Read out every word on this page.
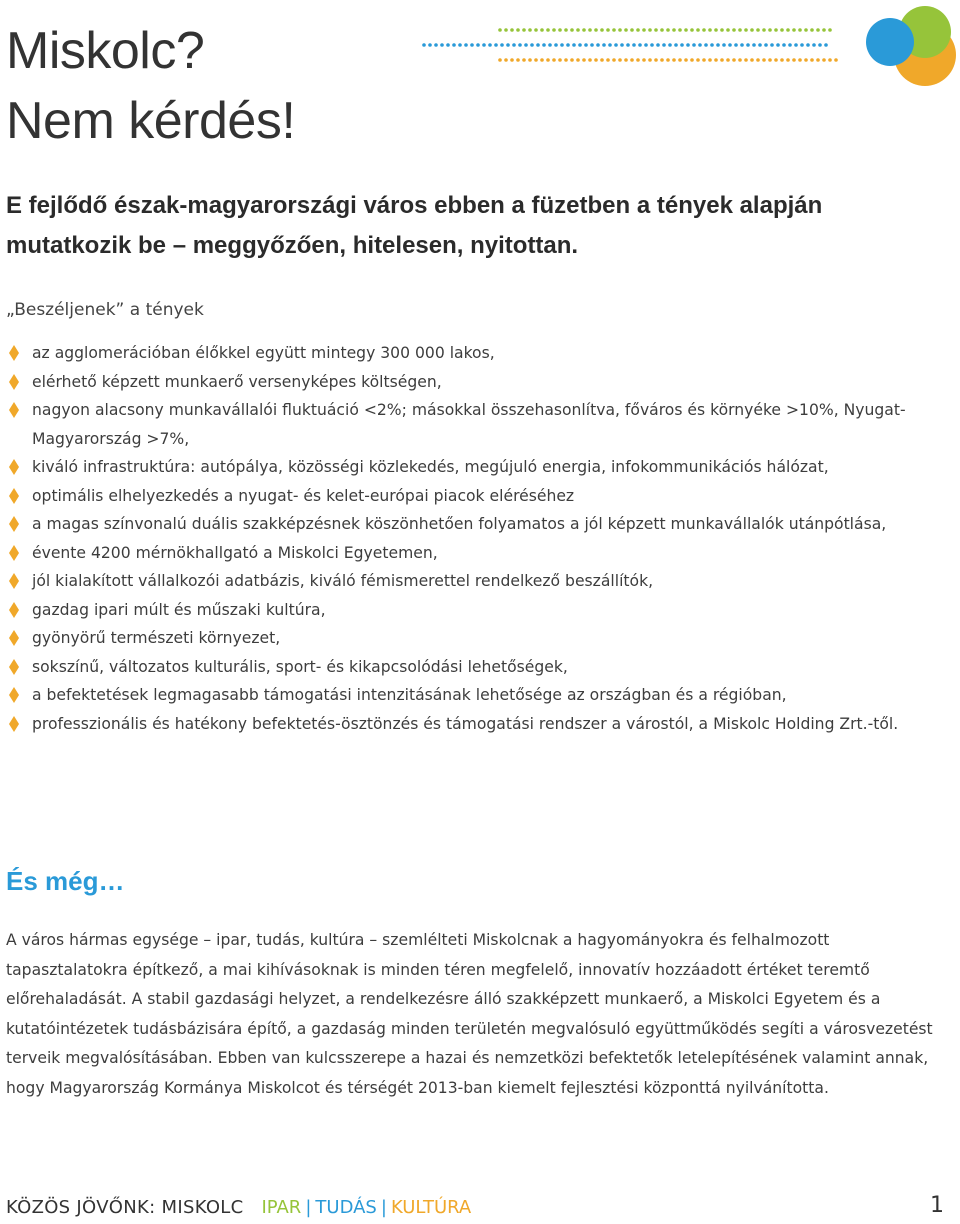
Miskolc?
Nem kérdés!

E fejlődő észak-magyarországi város ebben a füzetben a tények alapján mutatkozik be – meggyőzően, hitelesen, nyitottan.

„Beszéljenek” a tények

az agglomerációban élőkkel együtt mintegy 300 000 lakos,
elérhető képzett munkaerő versenyképes költségen,
nagyon alacsony munkavállalói fluktuáció <2%; másokkal összehasonlítva, főváros és környéke >10%, Nyugat-Magyarország >7%,
kiváló infrastruktúra: autópálya, közösségi közlekedés, megújuló energia, infokommunikációs hálózat,
optimális elhelyezkedés a nyugat- és kelet-európai piacok eléréséhez
a magas színvonalú duális szakképzésnek köszönhetően folyamatos a jól képzett munkavállalók utánpótlása,
évente 4200 mérnökhallgató a Miskolci Egyetemen,
jól kialakított vállalkozói adatbázis, kiváló fémismerettel rendelkező beszállítók,
gazdag ipari múlt és műszaki kultúra,
gyönyörű természeti környezet,
sokszínű, változatos kulturális, sport- és kikapcsolódási lehetőségek,
a befektetések legmagasabb támogatási intenzitásának lehetősége az országban és a régióban,
professzionális és hatékony befektetés-ösztönzés és támogatási rendszer a várostól, a Miskolc Holding Zrt.-től.
És még…

A város hármas egysége – ipar, tudás, kultúra – szemlélteti Miskolcnak a hagyományokra és felhalmozott tapasztalatokra építkező, a mai kihívásoknak is minden téren megfelelő, innovatív hozzáadott értéket teremtő előrehaladását. A stabil gazdasági helyzet, a rendelkezésre álló szakképzett munkaerő, a Miskolci Egyetem és a kutatóintézetek tudásbázisára építő, a gazdaság minden területén megvalósuló együttműködés segíti a városvezetést terveik megvalósításában. Ebben van kulcsszerepe a hazai és nemzetközi befektetők letelepítésének valamint annak, hogy Magyarország Kormánya Miskolcot és térségét 2013-ban kiemelt fejlesztési központtá nyilvánította.

KÖZÖS JÖVŐNK: MISKOLC IPAR | TUDÁS | KULTÚRA	1
